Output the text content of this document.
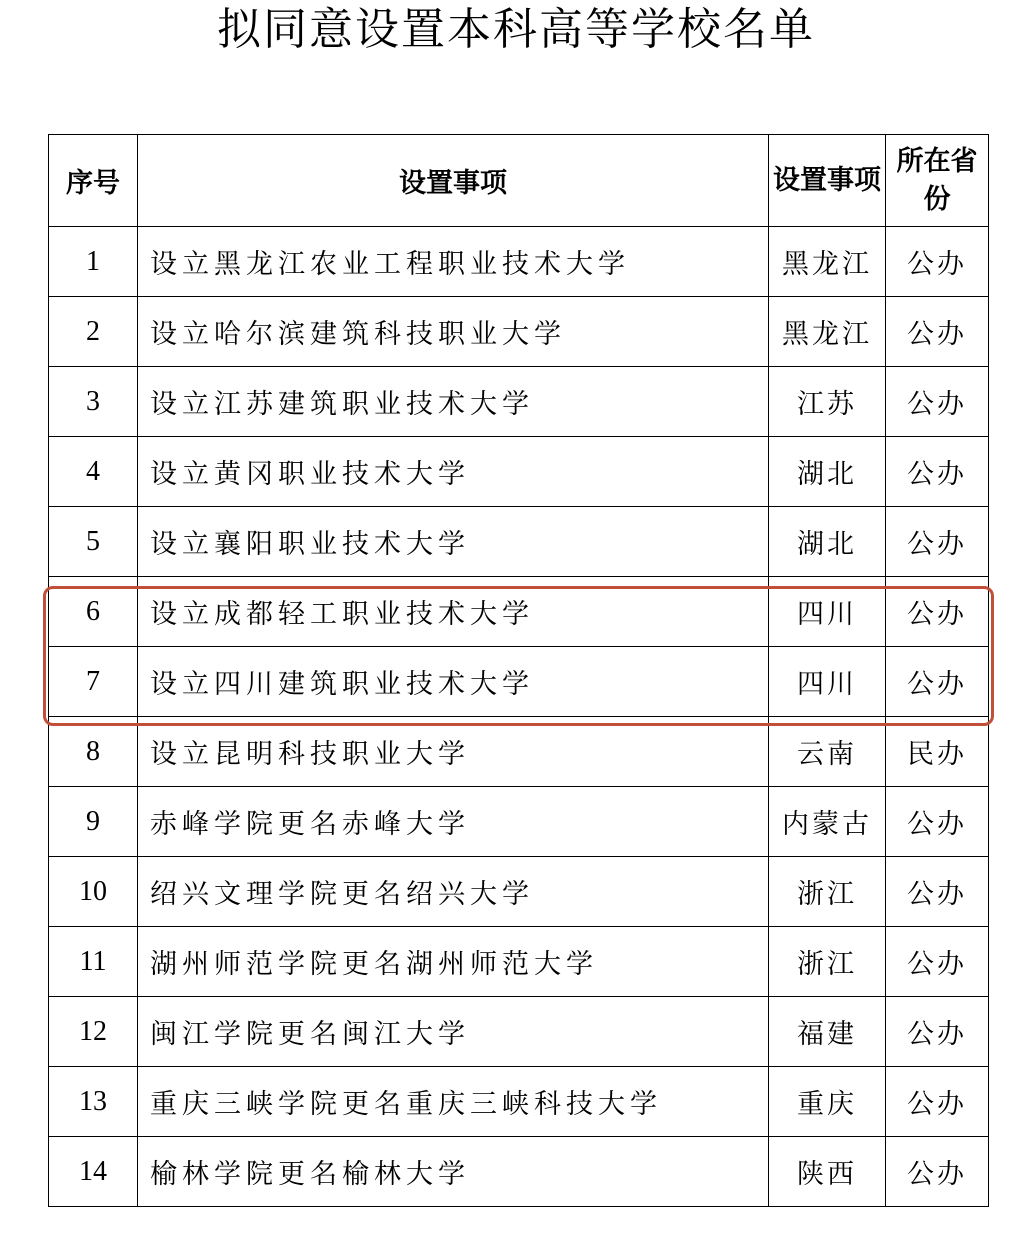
拟同意设置本科高等学校名单
序号	设置事项	设置事项	所在省份
1	设立黑龙江农业工程职业技术大学	黑龙江	公办
2	设立哈尔滨建筑科技职业大学	黑龙江	公办
3	设立江苏建筑职业技术大学	江苏	公办
4	设立黄冈职业技术大学	湖北	公办
5	设立襄阳职业技术大学	湖北	公办
6	设立成都轻工职业技术大学	四川	公办
7	设立四川建筑职业技术大学	四川	公办
8	设立昆明科技职业大学	云南	民办
9	赤峰学院更名赤峰大学	内蒙古	公办
10	绍兴文理学院更名绍兴大学	浙江	公办
11	湖州师范学院更名湖州师范大学	浙江	公办
12	闽江学院更名闽江大学	福建	公办
13	重庆三峡学院更名重庆三峡科技大学	重庆	公办
14	榆林学院更名榆林大学	陕西	公办
